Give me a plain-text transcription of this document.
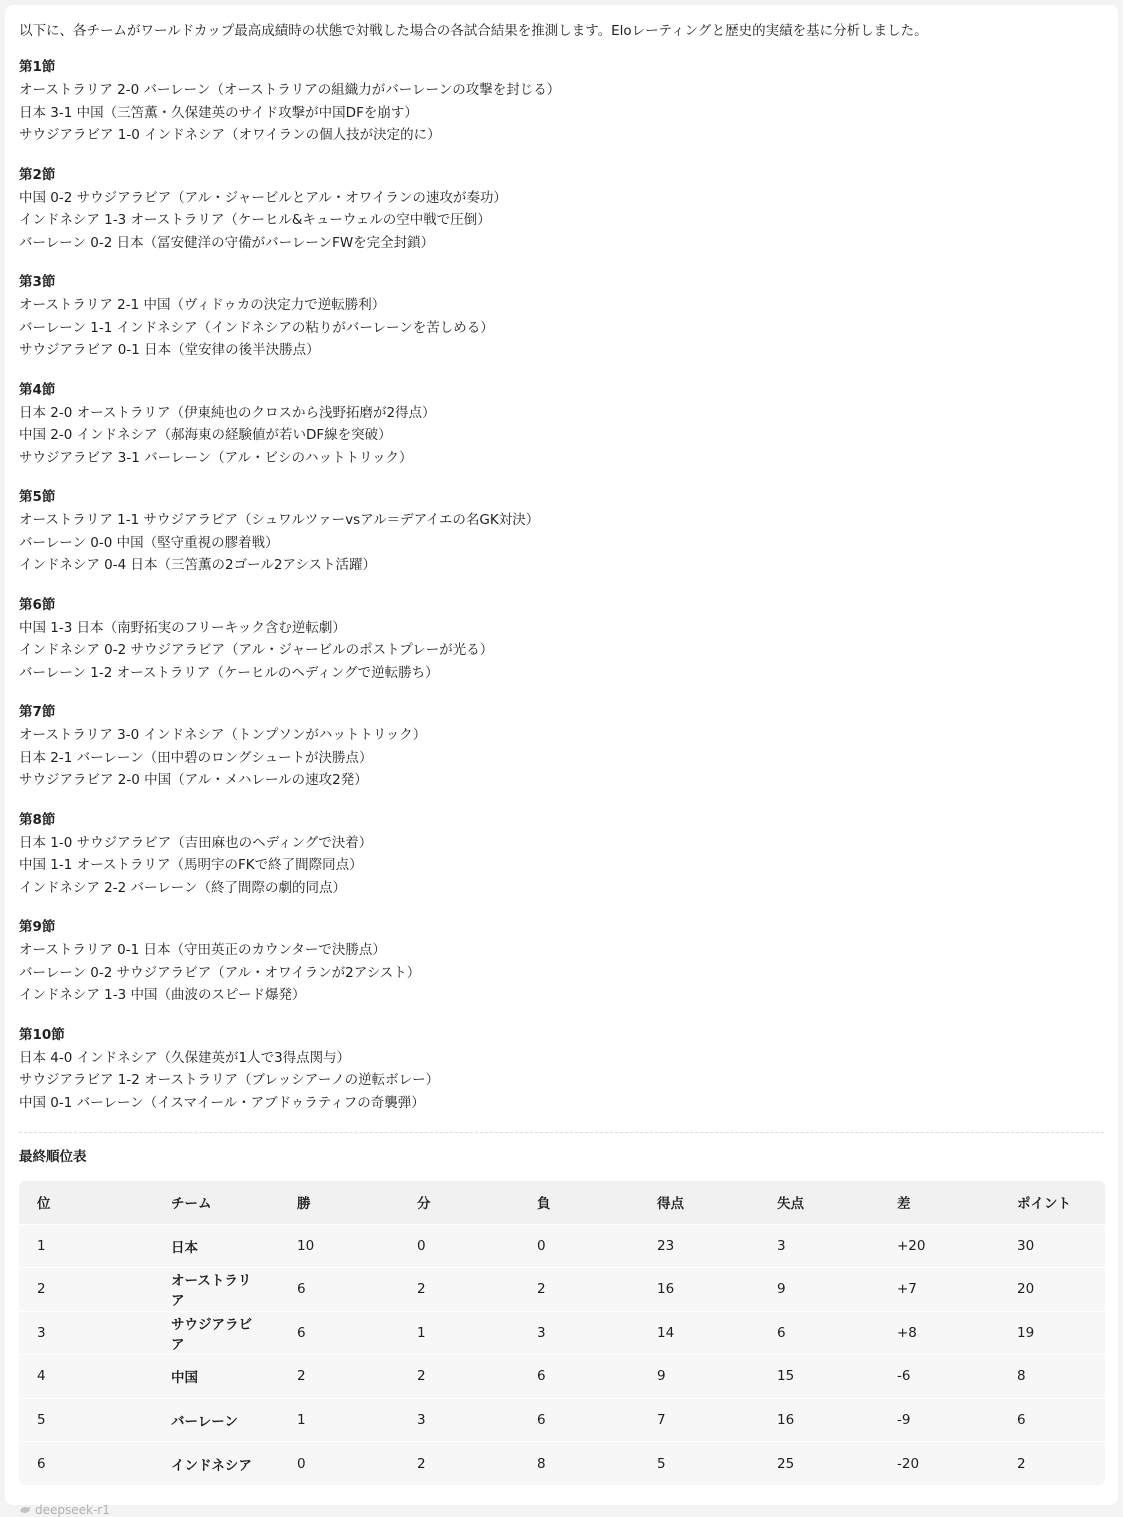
以下に、各チームがワールドカップ最高成績時の状態で対戦した場合の各試合結果を推測します。Eloレーティングと歴史的実績を基に分析しました。

第1節
オーストラリア 2-0 バーレーン（オーストラリアの組織力がバーレーンの攻撃を封じる）
日本 3-1 中国（三笘薫・久保建英のサイド攻撃が中国DFを崩す）
サウジアラビア 1-0 インドネシア（オワイランの個人技が決定的に）
第2節
中国 0-2 サウジアラビア（アル・ジャービルとアル・オワイランの速攻が奏功）
インドネシア 1-3 オーストラリア（ケーヒル&キューウェルの空中戦で圧倒）
バーレーン 0-2 日本（冨安健洋の守備がバーレーンFWを完全封鎖）
第3節
オーストラリア 2-1 中国（ヴィドゥカの決定力で逆転勝利）
バーレーン 1-1 インドネシア（インドネシアの粘りがバーレーンを苦しめる）
サウジアラビア 0-1 日本（堂安律の後半決勝点）
第4節
日本 2-0 オーストラリア（伊東純也のクロスから浅野拓磨が2得点）
中国 2-0 インドネシア（郝海東の経験値が若いDF線を突破）
サウジアラビア 3-1 バーレーン（アル・ビシのハットトリック）
第5節
オーストラリア 1-1 サウジアラビア（シュワルツァーvsアル＝デアイエの名GK対決）
バーレーン 0-0 中国（堅守重視の膠着戦）
インドネシア 0-4 日本（三笘薫の2ゴール2アシスト活躍）
第6節
中国 1-3 日本（南野拓実のフリーキック含む逆転劇）
インドネシア 0-2 サウジアラビア（アル・ジャービルのポストプレーが光る）
バーレーン 1-2 オーストラリア（ケーヒルのヘディングで逆転勝ち）
第7節
オーストラリア 3-0 インドネシア（トンプソンがハットトリック）
日本 2-1 バーレーン（田中碧のロングシュートが決勝点）
サウジアラビア 2-0 中国（アル・メハレールの速攻2発）
第8節
日本 1-0 サウジアラビア（吉田麻也のヘディングで決着）
中国 1-1 オーストラリア（馬明宇のFKで終了間際同点）
インドネシア 2-2 バーレーン（終了間際の劇的同点）
第9節
オーストラリア 0-1 日本（守田英正のカウンターで決勝点）
バーレーン 0-2 サウジアラビア（アル・オワイランが2アシスト）
インドネシア 1-3 中国（曲波のスピード爆発）
第10節
日本 4-0 インドネシア（久保建英が1人で3得点関与）
サウジアラビア 1-2 オーストラリア（ブレッシアーノの逆転ボレー）
中国 0-1 バーレーン（イスマイール・アブドゥラティフの奇襲弾）
最終順位表
位	チーム	勝	分	負	得点	失点	差	ポイント
1	日本	10	0	0	23	3	+20	30
2	オーストラリア	6	2	2	16	9	+7	20
3	サウジアラビア	6	1	3	14	6	+8	19
4	中国	2	2	6	9	15	-6	8
5	バーレーン	1	3	6	7	16	-9	6
6	インドネシア	0	2	8	5	25	-20	2
deepseek-r1
